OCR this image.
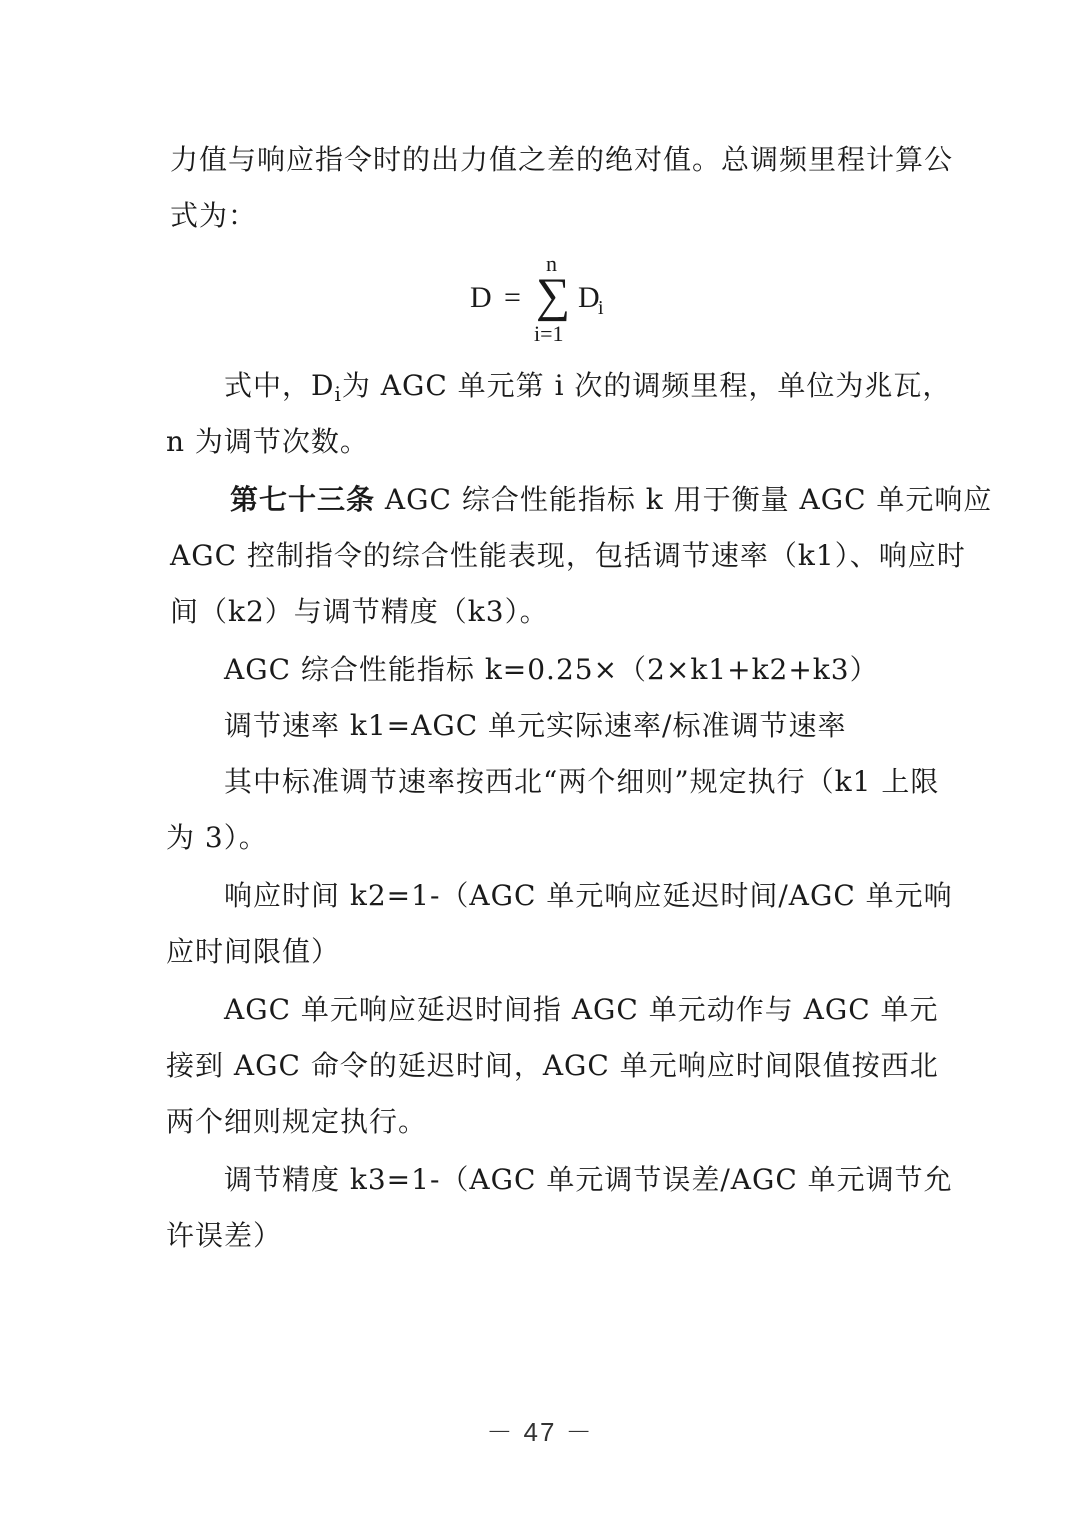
力值与响应指令时的出力值之差的绝对值。总调频里程计算公
式为：
D = ∑
n
i=1
D
i
式中，$D_i$为 AGC 单元第 i 次的调频里程，单位为兆瓦，
n 为调节次数。
第七十三条 AGC 综合性能指标 k 用于衡量 AGC 单元响应
AGC 控制指令的综合性能表现，包括调节速率（k1）、响应时
间（k2）与调节精度（k3）。
AGC 综合性能指标 k=0.25×（2×k1+k2+k3）
调节速率 k1=AGC 单元实际速率/标准调节速率
其中标准调节速率按西北“两个细则”规定执行（k1 上限
为 3）。
响应时间 k2=1-（AGC 单元响应延迟时间/AGC 单元响
应时间限值）
AGC 单元响应延迟时间指 AGC 单元动作与 AGC 单元
接到 AGC 命令的延迟时间，AGC 单元响应时间限值按西北
两个细则规定执行。
调节精度 k3=1-（AGC 单元调节误差/AGC 单元调节允
许误差）
－ 47 －
